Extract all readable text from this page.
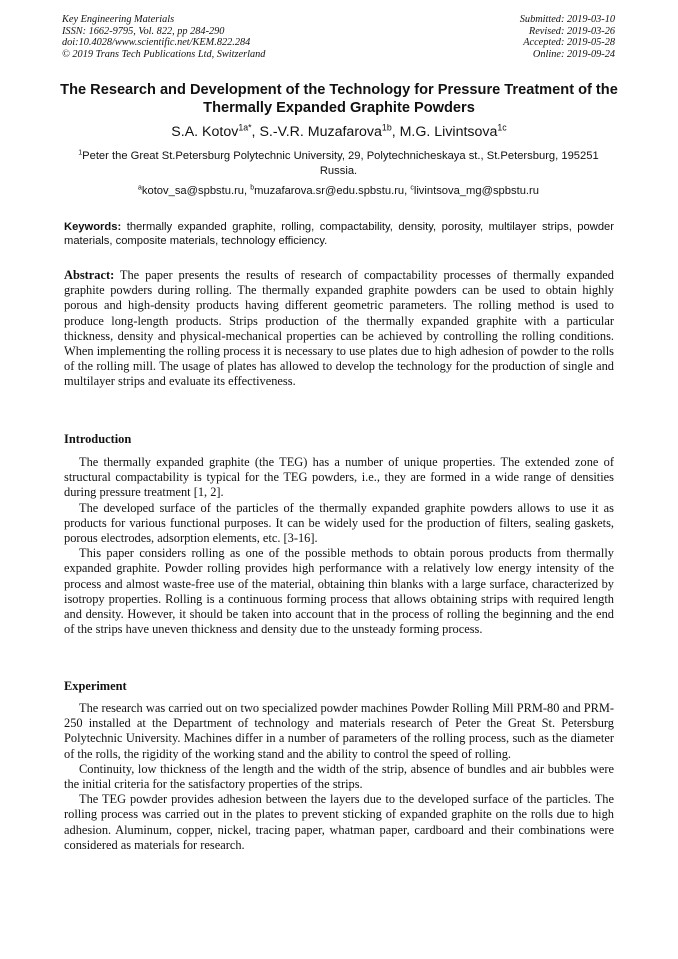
Key Engineering Materials
ISSN: 1662-9795, Vol. 822, pp 284-290
doi:10.4028/www.scientific.net/KEM.822.284
© 2019 Trans Tech Publications Ltd, Switzerland
Submitted: 2019-03-10
Revised: 2019-03-26
Accepted: 2019-05-28
Online: 2019-09-24
The Research and Development of the Technology for Pressure Treatment of the Thermally Expanded Graphite Powders
S.A. Kotov$^{1a*}$, S.-V.R. Muzafarova$^{1b}$, M.G. Livintsova$^{1c}$
$^1$Peter the Great St.Petersburg Polytechnic University, 29, Polytechnicheskaya st., St.Petersburg, 195251 Russia.
$^a$kotov_sa@spbstu.ru, $^b$muzafarova.sr@edu.spbstu.ru, $^c$livintsova_mg@spbstu.ru

Keywords: thermally expanded graphite, rolling, compactability, density, porosity, multilayer strips, powder materials, composite materials, technology efficiency.

Abstract: The paper presents the results of research of compactability processes of thermally expanded graphite powders during rolling. The thermally expanded graphite powders can be used to obtain highly porous and high-density products having different geometric parameters. The rolling method is used to produce long-length products. Strips production of the thermally expanded graphite with a particular thickness, density and physical-mechanical properties can be achieved by controlling the rolling conditions. When implementing the rolling process it is necessary to use plates due to high adhesion of powder to the rolls of the rolling mill. The usage of plates has allowed to develop the technology for the production of single and multilayer strips and evaluate its effectiveness.

Introduction

The thermally expanded graphite (the TEG) has a number of unique properties. The extended zone of structural compactability is typical for the TEG powders, i.e., they are formed in a wide range of densities during pressure treatment [1, 2].

The developed surface of the particles of the thermally expanded graphite powders allows to use it as products for various functional purposes. It can be widely used for the production of filters, sealing gaskets, porous electrodes, adsorption elements, etc. [3-16].

This paper considers rolling as one of the possible methods to obtain porous products from thermally expanded graphite. Powder rolling provides high performance with a relatively low energy intensity of the process and almost waste-free use of the material, obtaining thin blanks with a large surface, characterized by isotropy properties. Rolling is a continuous forming process that allows obtaining strips with required length and density. However, it should be taken into account that in the process of rolling the beginning and the end of the strips have uneven thickness and density due to the unsteady forming process.

Experiment

The research was carried out on two specialized powder machines Powder Rolling Mill PRM-80 and PRM-250 installed at the Department of technology and materials research of Peter the Great St. Petersburg Polytechnic University. Machines differ in a number of parameters of the rolling process, such as the diameter of the rolls, the rigidity of the working stand and the ability to control the speed of rolling.

Continuity, low thickness of the length and the width of the strip, absence of bundles and air bubbles were the initial criteria for the satisfactory properties of the strips.

The TEG powder provides adhesion between the layers due to the developed surface of the particles. The rolling process was carried out in the plates to prevent sticking of expanded graphite on the rolls due to high adhesion. Aluminum, copper, nickel, tracing paper, whatman paper, cardboard and their combinations were considered as materials for research.
